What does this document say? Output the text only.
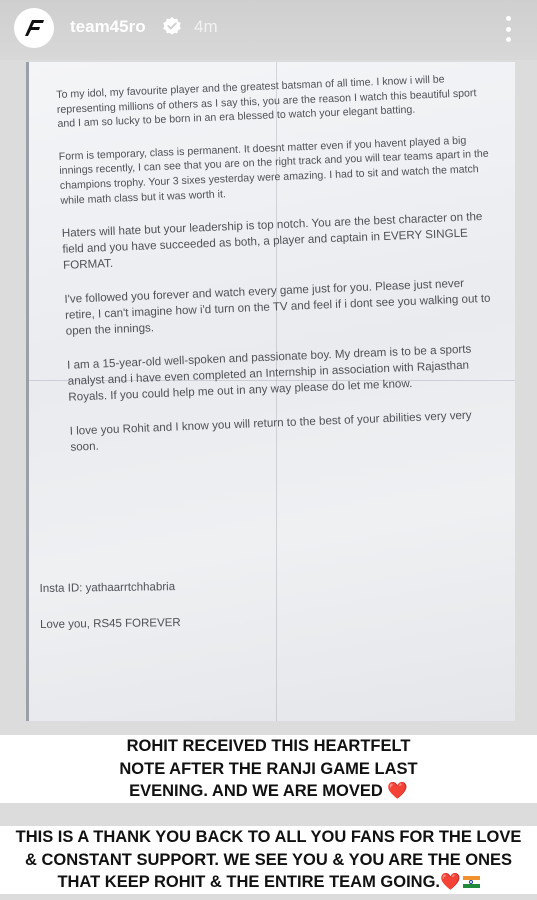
team45ro	4m

To my idol, my favourite player and the greatest batsman of all time. I know i will be representing millions of others as I say this, you are the reason I watch this beautiful sport and I am so lucky to be born in an era blessed to watch your elegant batting.

Form is temporary, class is permanent. It doesnt matter even if you havent played a big innings recently, I can see that you are on the right track and you will tear teams apart in the champions trophy. Your 3 sixes yesterday were amazing. I had to sit and watch the match while math class but it was worth it.

Haters will hate but your leadership is top notch. You are the best character on the field and you have succeeded as both, a player and captain in EVERY SINGLE FORMAT.

I've followed you forever and watch every game just for you. Please just never retire, I can't imagine how i'd turn on the TV and feel if i dont see you walking out to open the innings.

I am a 15-year-old well-spoken and passionate boy. My dream is to be a sports analyst and i have even completed an Internship in association with Rajasthan Royals. If you could help me out in any way please do let me know.

I love you Rohit and I know you will return to the best of your abilities very very soon.

Insta ID: yathaarrtchhabria
Love you, RS45 FOREVER
ROHIT RECEIVED THIS HEARTFELT
NOTE AFTER THE RANJI GAME LAST
EVENING. AND WE ARE MOVED ❤️
THIS IS A THANK YOU BACK TO ALL YOU FANS FOR THE LOVE
& CONSTANT SUPPORT. WE SEE YOU & YOU ARE THE ONES
THAT KEEP ROHIT & THE ENTIRE TEAM GOING.❤️
